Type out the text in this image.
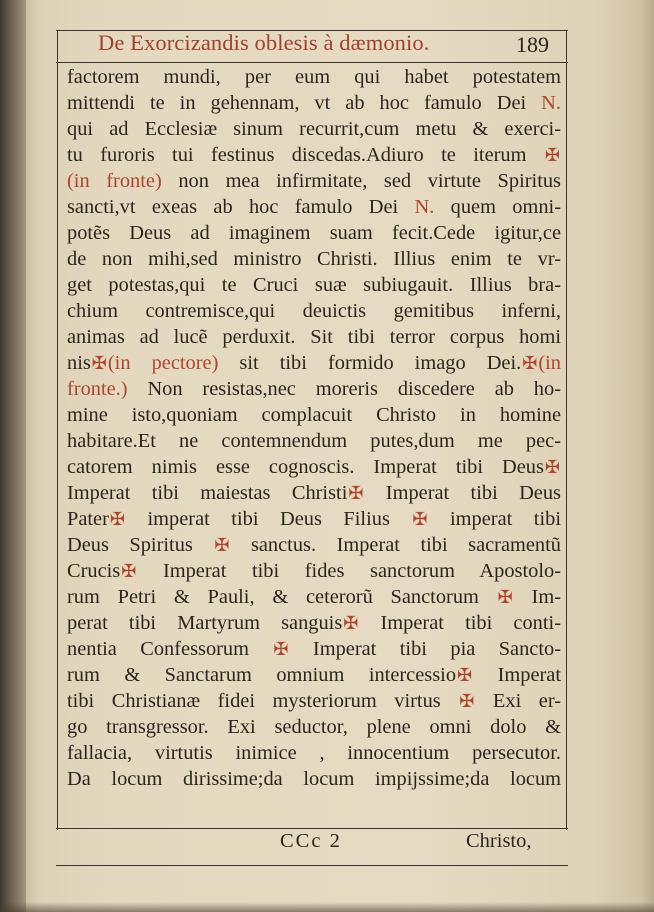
De Exorcizandis oblesis à dæmonio.	189
factorem mundi, per eum qui habet potestatem
mittendi te in gehennam, vt ab hoc famulo Dei N.
qui ad Ecclesiæ sinum recurrit,cum metu & exerci-
tu furoris tui festinus discedas.Adiuro te iterum ✠
(in fronte) non mea infirmitate, sed virtute Spiritus
sancti,vt exeas ab hoc famulo Dei N. quem omni-
potẽs Deus ad imaginem suam fecit.Cede igitur,ce
de non mihi,sed ministro Christi. Illius enim te vr-
get potestas,qui te Cruci suæ subiugauit. Illius bra-
chium contremisce,qui deuictis gemitibus inferni,
animas ad lucẽ perduxit. Sit tibi terror corpus homi
nis✠(in pectore) sit tibi formido imago Dei.✠(in
fronte.) Non resistas,nec moreris discedere ab ho-
mine isto,quoniam complacuit Christo in homine
habitare.Et ne contemnendum putes,dum me pec-
catorem nimis esse cognoscis. Imperat tibi Deus✠
Imperat tibi maiestas Christi✠ Imperat tibi Deus
Pater✠ imperat tibi Deus Filius ✠ imperat tibi
Deus Spiritus ✠ sanctus. Imperat tibi sacramentũ
Crucis✠ Imperat tibi fides sanctorum Apostolo-
rum Petri & Pauli, & ceterorũ Sanctorum ✠ Im-
perat tibi Martyrum sanguis✠ Imperat tibi conti-
nentia Confessorum ✠ Imperat tibi pia Sancto-
rum & Sanctarum omnium intercessio✠ Imperat
tibi Christianæ fidei mysteriorum virtus ✠ Exi er-
go transgressor. Exi seductor, plene omni dolo &
fallacia, virtutis inimice , innocentium persecutor.
Da locum dirissime;da locum impijssime;da locum
CCc 2	Christo,
